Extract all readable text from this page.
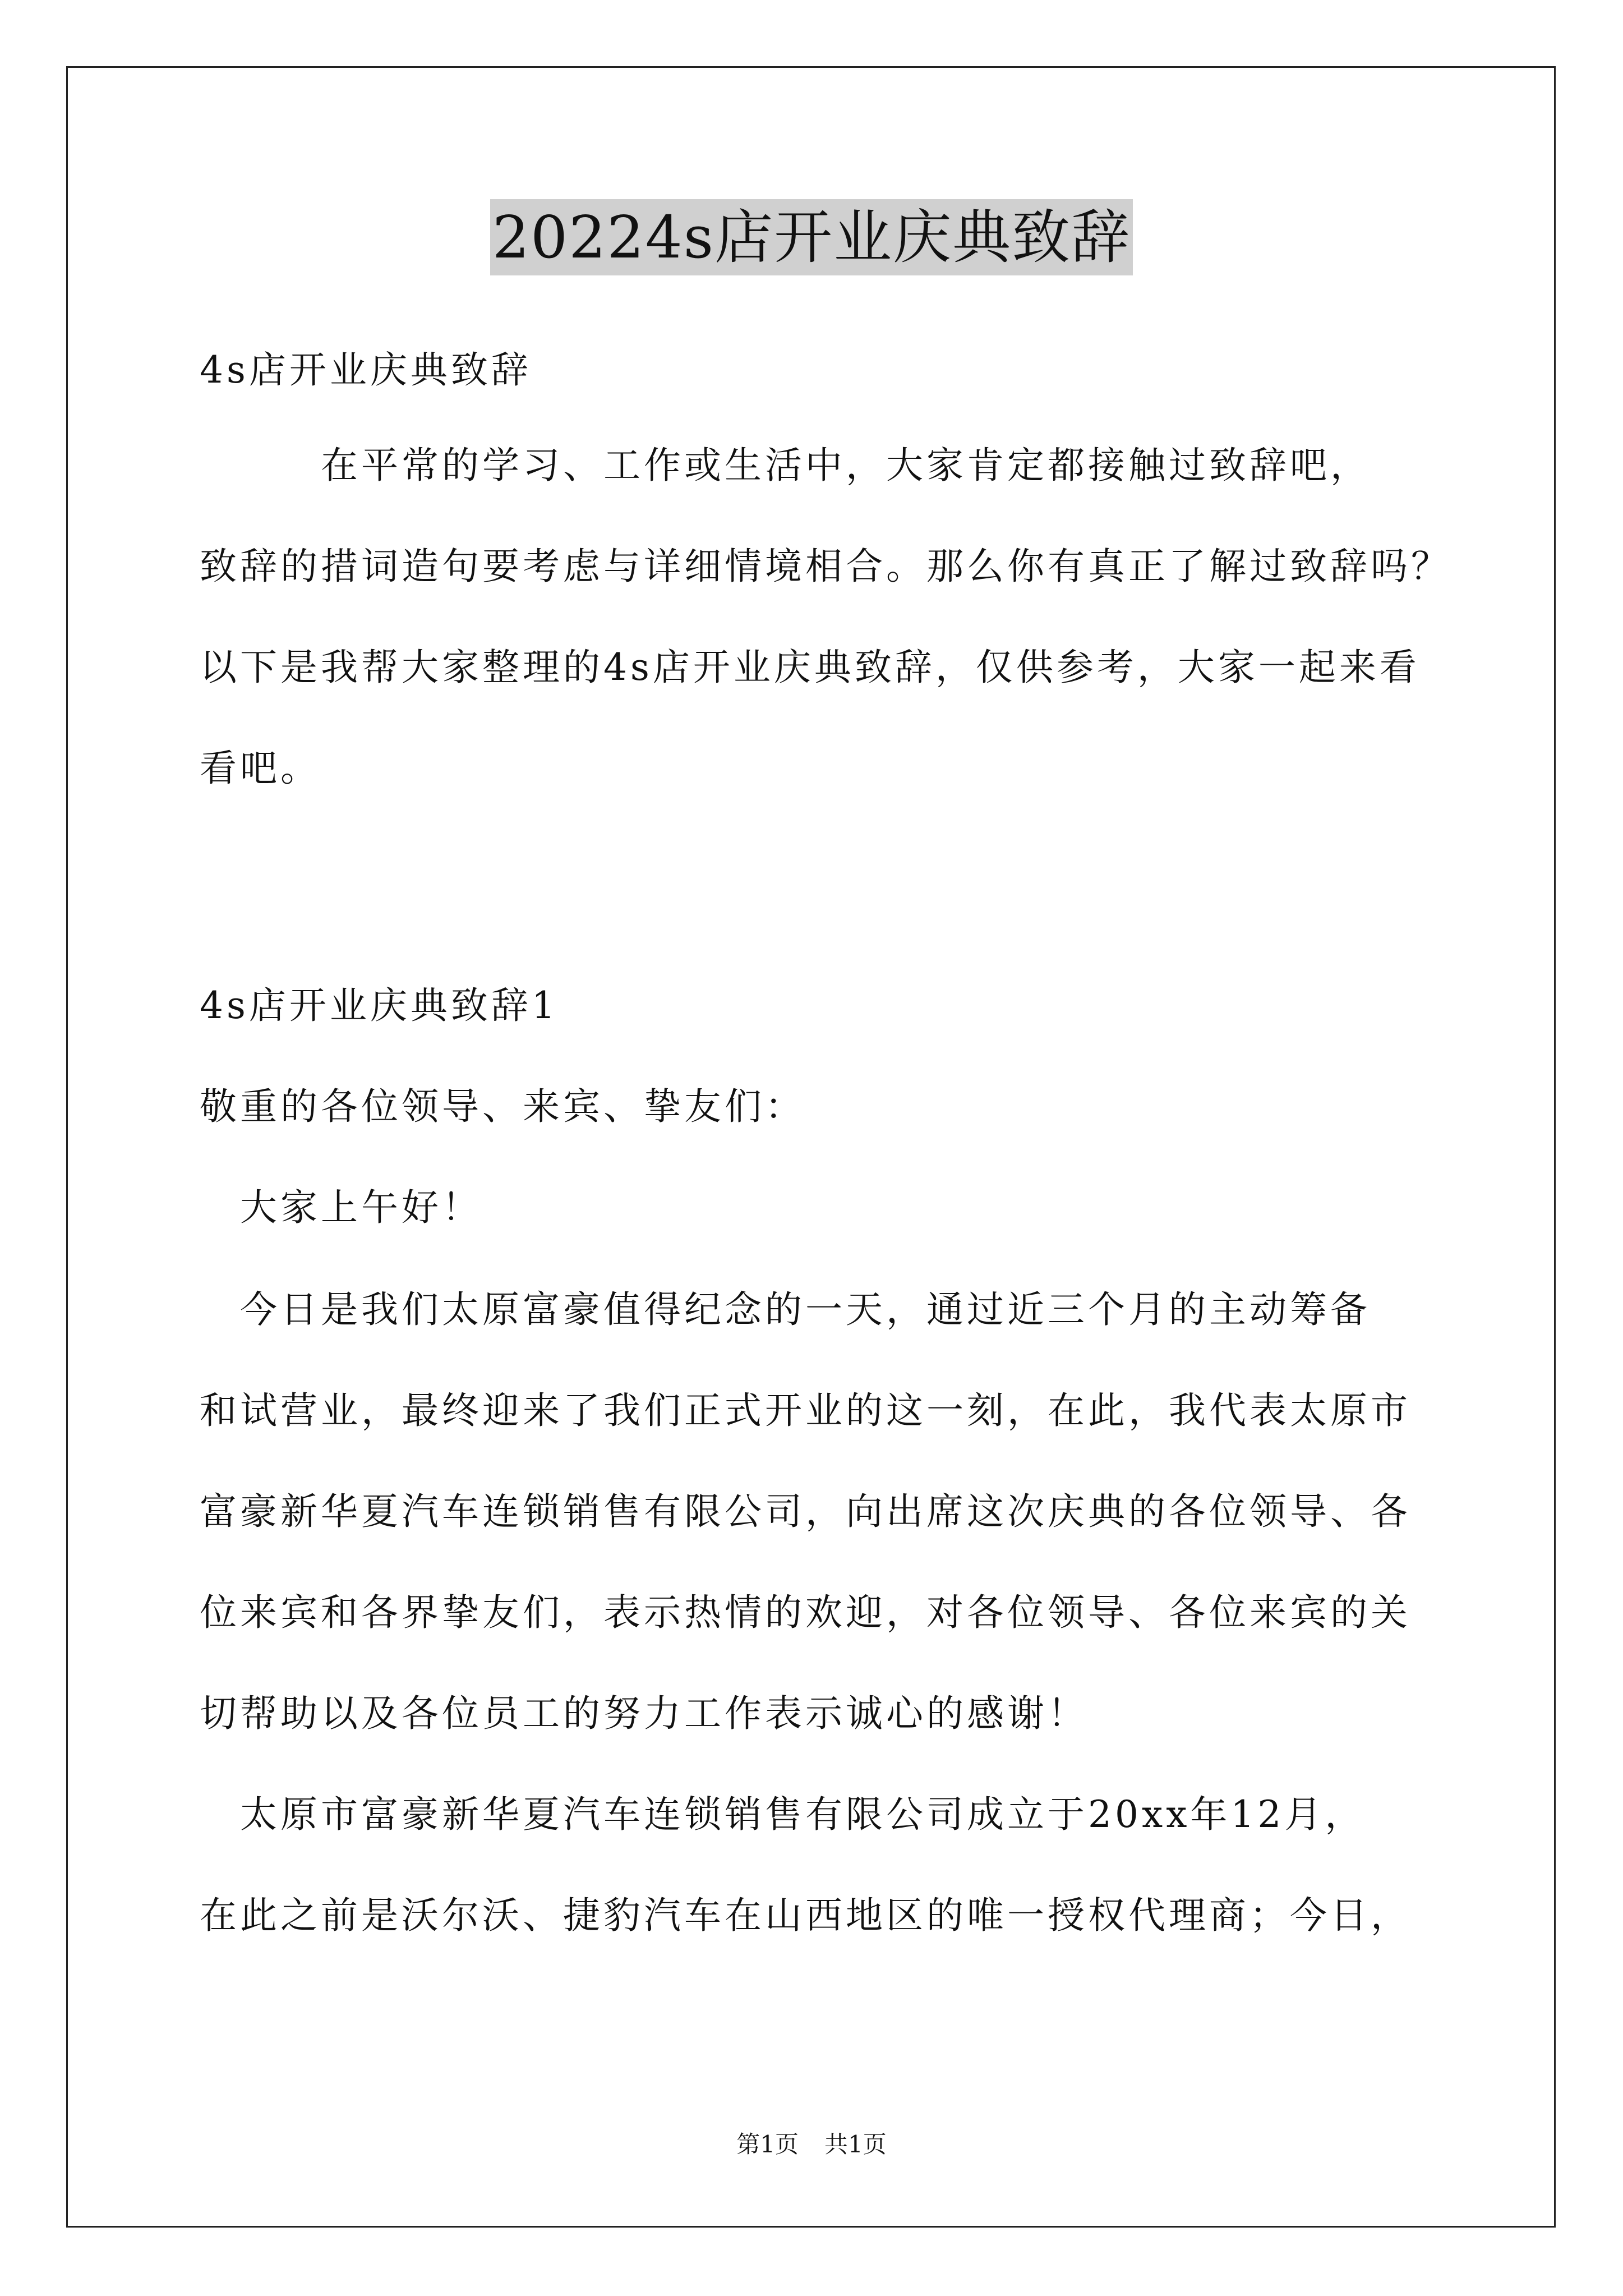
20224s店开业庆典致辞

4s店开业庆典致辞

　　　在平常的学习、工作或生活中，大家肯定都接触过致辞吧，

致辞的措词造句要考虑与详细情境相合。那么你有真正了解过致辞吗？

以下是我帮大家整理的4s店开业庆典致辞，仅供参考，大家一起来看

看吧。

4s店开业庆典致辞1

敬重的各位领导、来宾、挚友们：

　大家上午好！

　今日是我们太原富豪值得纪念的一天，通过近三个月的主动筹备

和试营业，最终迎来了我们正式开业的这一刻，在此，我代表太原市

富豪新华夏汽车连锁销售有限公司，向出席这次庆典的各位领导、各

位来宾和各界挚友们，表示热情的欢迎，对各位领导、各位来宾的关

切帮助以及各位员工的努力工作表示诚心的感谢！

　太原市富豪新华夏汽车连锁销售有限公司成立于20xx年12月，

在此之前是沃尔沃、捷豹汽车在山西地区的唯一授权代理商；今日，

第1页 共1页
